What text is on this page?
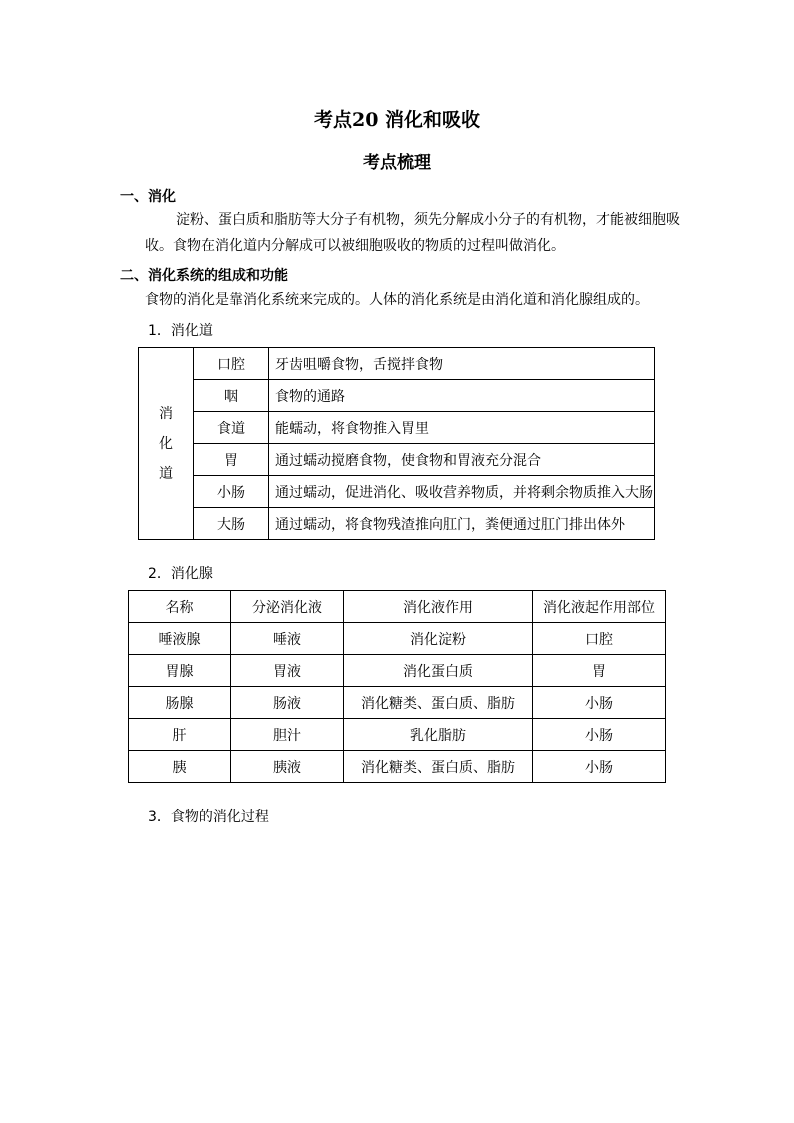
考点20 消化和吸收
考点梳理
一、消化
淀粉、蛋白质和脂肪等大分子有机物，须先分解成小分子的有机物，才能被细胞吸
收。食物在消化道内分解成可以被细胞吸收的物质的过程叫做消化。
二、消化系统的组成和功能
食物的消化是靠消化系统来完成的。人体的消化系统是由消化道和消化腺组成的。
1．消化道
消
化
道	口腔	牙齿咀嚼食物，舌搅拌食物
	咽	食物的通路
	食道	能蠕动，将食物推入胃里
	胃	通过蠕动搅磨食物，使食物和胃液充分混合
	小肠	通过蠕动，促进消化、吸收营养物质，并将剩余物质推入大肠
	大肠	通过蠕动，将食物残渣推向肛门，粪便通过肛门排出体外
2．消化腺
名称	分泌消化液	消化液作用	消化液起作用部位
唾液腺	唾液	消化淀粉	口腔
胃腺	胃液	消化蛋白质	胃
肠腺	肠液	消化糖类、蛋白质、脂肪	小肠
肝	胆汁	乳化脂肪	小肠
胰	胰液	消化糖类、蛋白质、脂肪	小肠
3．食物的消化过程
